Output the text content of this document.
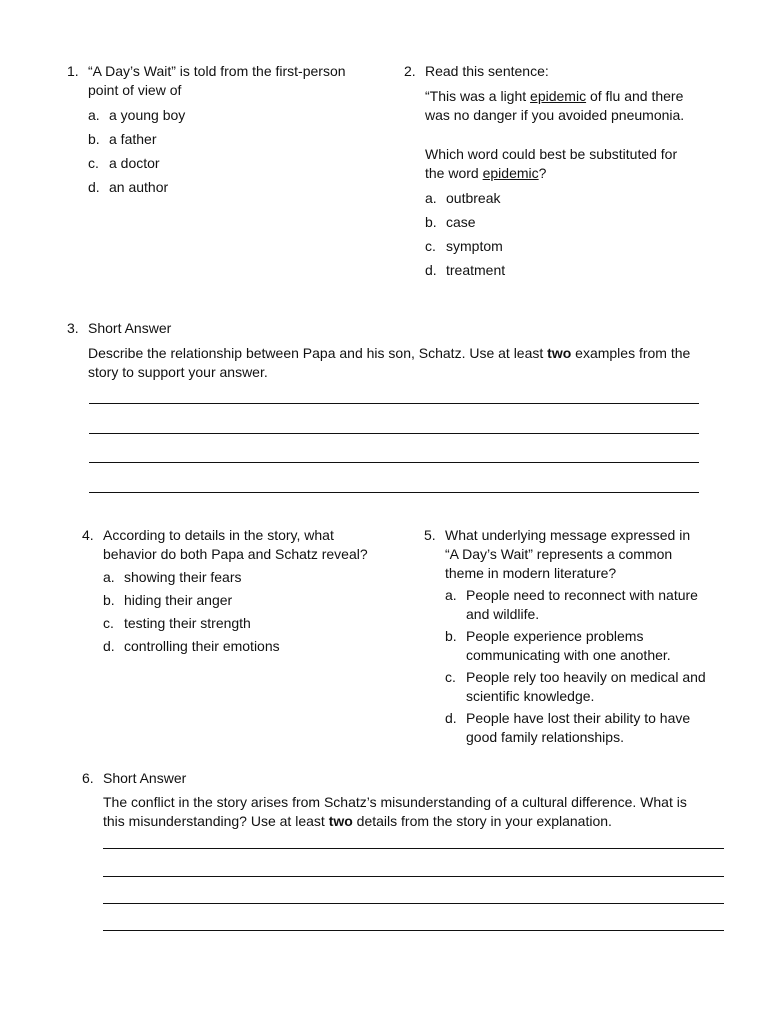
1. “A Day’s Wait” is told from the first-person point of view of
a. a young boy
b. a father
c. a doctor
d. an author
2. Read this sentence:
“This was a light epidemic of flu and there was no danger if you avoided pneumonia.
Which word could best be substituted for the word epidemic?
a. outbreak
b. case
c. symptom
d. treatment
3. Short Answer
Describe the relationship between Papa and his son, Schatz. Use at least two examples from the story to support your answer.
4. According to details in the story, what behavior do both Papa and Schatz reveal?
a. showing their fears
b. hiding their anger
c. testing their strength
d. controlling their emotions
5. What underlying message expressed in “A Day’s Wait” represents a common theme in modern literature?
a. People need to reconnect with nature and wildlife.
b. People experience problems communicating with one another.
c. People rely too heavily on medical and scientific knowledge.
d. People have lost their ability to have good family relationships.
6. Short Answer
The conflict in the story arises from Schatz’s misunderstanding of a cultural difference. What is this misunderstanding? Use at least two details from the story in your explanation.
